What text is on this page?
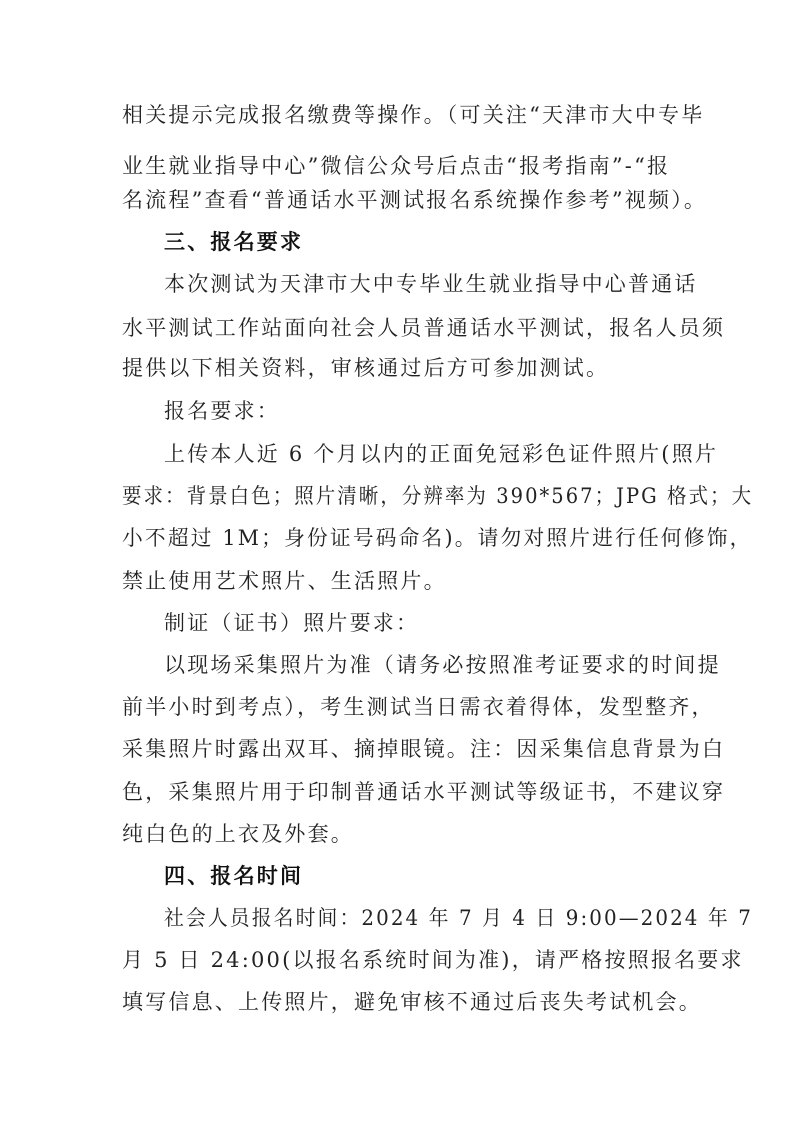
相关提示完成报名缴费等操作。（可关注“天津市大中专毕
业生就业指导中心”微信公众号后点击“报考指南”-“报
名流程”查看“普通话水平测试报名系统操作参考”视频）。
三、报名要求
本次测试为天津市大中专毕业生就业指导中心普通话
水平测试工作站面向社会人员普通话水平测试，报名人员须
提供以下相关资料，审核通过后方可参加测试。
报名要求：
上传本人近 6 个月以内的正面免冠彩色证件照片(照片
要求：背景白色；照片清晰，分辨率为 390*567；JPG 格式；大
小不超过 1M；身份证号码命名)。请勿对照片进行任何修饰，
禁止使用艺术照片、生活照片。
制证（证书）照片要求：
以现场采集照片为准（请务必按照准考证要求的时间提
前半小时到考点），考生测试当日需衣着得体，发型整齐，
采集照片时露出双耳、摘掉眼镜。注：因采集信息背景为白
色，采集照片用于印制普通话水平测试等级证书，不建议穿
纯白色的上衣及外套。
四、报名时间
社会人员报名时间：2024 年 7 月 4 日 9:00—2024 年 7
月 5 日 24:00(以报名系统时间为准)，请严格按照报名要求
填写信息、上传照片，避免审核不通过后丧失考试机会。
